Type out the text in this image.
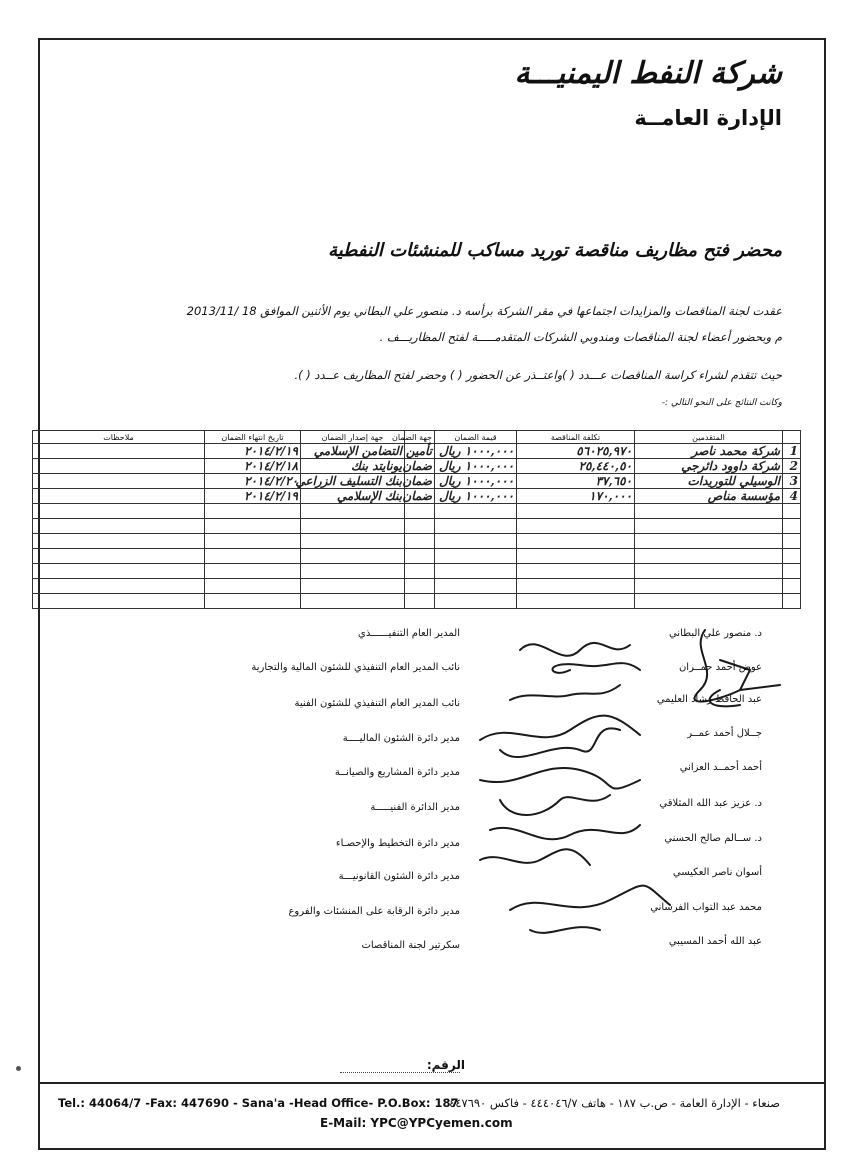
شركة النفط اليمنيـــة
الإدارة العامــة
محضر فتح مظاريف مناقصة توريد مساكب للمنشئات النفطية
عقدت لجنة المناقصات والمزايدات اجتماعها في مقر الشركة برأسه د. منصور علي البطاني يوم الأثنين الموافق 18 /2013/11
م وبحضور أعضاء لجنة المناقصات ومندوبي الشركات المتقدمـــــة لفتح المظاريـــف .
حيث تتقدم لشراء كراسة المناقصات عـــدد ( )واعتــذر عن الحضور ( ) وحضر لفتح المظاريف عــدد ( ).
وكانت النتائج على النحو التالي :-
	المتقدمين	تكلفة المناقصة	قيمة الضمان	جهة الضمان	جهة إصدار الضمان	تاريخ انتهاء الضمان	ملاحظات
1	شركة محمد ناصر	٥٦٠٢٥,٩٧٠	١٠٠٠,٠٠٠ ريال	تأمين	التضامن الإسلامي	٢٠١٤/٢/١٩	
2	شركة داوود دائرجي	٢٥,٤٤٠,٥٠	١٠٠٠,٠٠٠ ريال	ضمان	يونايتد بنك	٢٠١٤/٢/١٨	
3	الوسيلي للتوريدات	٣٧,٦٥٠	١٠٠٠,٠٠٠ ريال	ضمان	بنك التسليف الزراعي	٢٠١٤/٢/٢٠	
4	مؤسسة مناص	١٧٠,٠٠٠	١٠٠٠,٠٠٠ ريال	ضمان	بنك الإسلامي	٢٠١٤/٢/١٩	

المدير العام التنفيــــــذي	د. منصور علي البطاني
نائب المدير العام التنفيذي للشئون المالية والتجارية	عوض أحمد حمــران
نائب المدير العام التنفيذي للشئون الفنية	عبد الحافظ رشاد العليمي
مدير دائرة الشئون الماليــــة	جــلال أحمد عمــر
مدير دائرة المشاريع والصيانــة	أحمد أحمــد العزاني
مدير الدائرة الفنيـــــة	د. عزيز عبد الله المثلاقي
مدير دائرة التخطيط والإحصـاء	د. ســالم صالح الحسني
مدير دائرة الشئون القانونيـــة	أسوان ناصر العكيسي
مدير دائرة الرقابة على المنشئات والفروع	محمد عبد التواب الفرساني
سكرتير لجنة المناقصات	عبد الله أحمد المسيبي
الرقم:
Tel.: 44064/7 -Fax: 447690 - Sana'a -Head Office- P.O.Box: 187
صنعاء - الإدارة العامة - ص.ب ١٨٧ - هاتف ٤٤٤٠٤٦/٧ - فاكس ٤٤٧٦٩٠
E-Mail: YPC@YPCyemen.com
